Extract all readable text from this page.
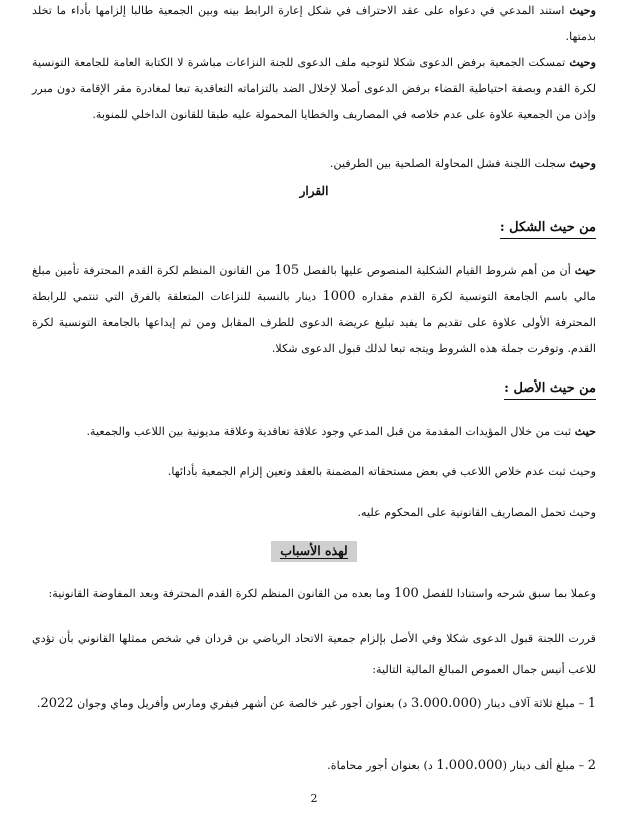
وحيث استند المدعي في دعواه على عقد الاحتراف في شكل إعارة الرابط بينه وبين الجمعية طالبا إلزامها بأداء ما تخلد بذمتها.

وحيث تمسكت الجمعية برفض الدعوى شكلا لتوجيه ملف الدعوى للجنة النزاعات مباشرة لا الكتابة العامة للجامعة التونسية لكرة القدم وبصفة احتياطية القضاء برفض الدعوى أصلا لإخلال الضد بالتزاماته التعاقدية تبعا لمغادرة مقر الإقامة دون مبرر وإذن من الجمعية علاوة على عدم خلاصه في المصاريف والخطايا المحمولة عليه طبقا للقانون الداخلي للمنوبة.

وحيث سجلت اللجنة فشل المحاولة الصلحية بين الطرفين.

القرار
من حيث الشكل :

حيث أن من أهم شروط القيام الشكلية المنصوص عليها بالفصل 105 من القانون المنظم لكرة القدم المحترفة تأمين مبلغ مالي باسم الجامعة التونسية لكرة القدم مقداره 1000 دينار بالنسبة للنزاعات المتعلقة بالفرق التي تنتمي للرابطة المحترفة الأولى علاوة على تقديم ما يفيد تبليغ عريضة الدعوى للطرف المقابل ومن ثم إيداعها بالجامعة التونسية لكرة القدم. وتوفرت جملة هذه الشروط ويتجه تبعا لذلك قبول الدعوى شكلا.

من حيث الأصل :

حيث ثبت من خلال المؤيدات المقدمة من قبل المدعي وجود علاقة تعاقدية وعلاقة مديونية بين اللاعب والجمعية.

وحيث ثبت عدم خلاص اللاعب في بعض مستحقاته المضمنة بالعقد وتعين إلزام الجمعية بأدائها.

وحيث تحمل المصاريف القانونية على المحكوم عليه.

لهذه الأسباب

وعملا بما سبق شرحه واستنادا للفصل 100 وما بعده من القانون المنظم لكرة القدم المحترفة وبعد المفاوضة القانونية:

قررت اللجنة قبول الدعوى شكلا وفي الأصل بإلزام جمعية الاتحاد الرياضي بن قردان في شخص ممثلها القانوني بأن تؤدي للاعب أنيس جمال العموص المبالغ المالية التالية:

1 – مبلغ ثلاثة آلاف دينار (3.000.000 د) بعنوان أجور غير خالصة عن أشهر فيفري ومارس وأفريل وماي وجوان 2022.

2 – مبلغ ألف دينار (1.000.000 د) بعنوان أجور محاماة.

2
